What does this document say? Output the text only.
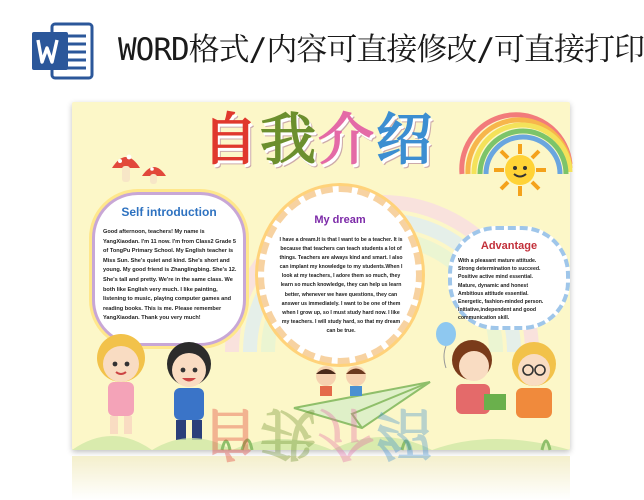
WORD格式/内容可直接修改/可直接打印
自我介绍
Self introduction
Good afternoon, teachers! My name is YangXiaodan. I'm 11 now. I'm from Class2 Grade 5 of TongPu Primary School. My English teacher is Miss Sun. She's quiet and kind. She's short and young. My good friend is Zhanglingbing. She's 12. She's tall and pretty. We're in the same class. We both like English very much. I like painting, listening to music, playing computer games and reading books. This is me. Please remember YangXiaodan. Thank you very much!
My dream
I have a dream.It is that I want to be a teacher. It is because that teachers can teach students a lot of things. Teachers are always kind and smart. I also can implant my knowledge to my students.When I look at my teachers, I adore them so much, they learn so much knowledge, they can help us learn better, whenever we have questions, they can answer us immediately. I want to be one of them when I grow up, so I must study hard now. I like my teachers. I will study hard, so that my dream can be true.
Advantage
With a pleasant mature attitude.
Strong determination to succeed.
Positive active mind essential.
Mature, dynamic and honest
Ambitious attitude essential.
Energetic, fashion-minded person.
Initiative,independent and good communication skill.
自我介绍
